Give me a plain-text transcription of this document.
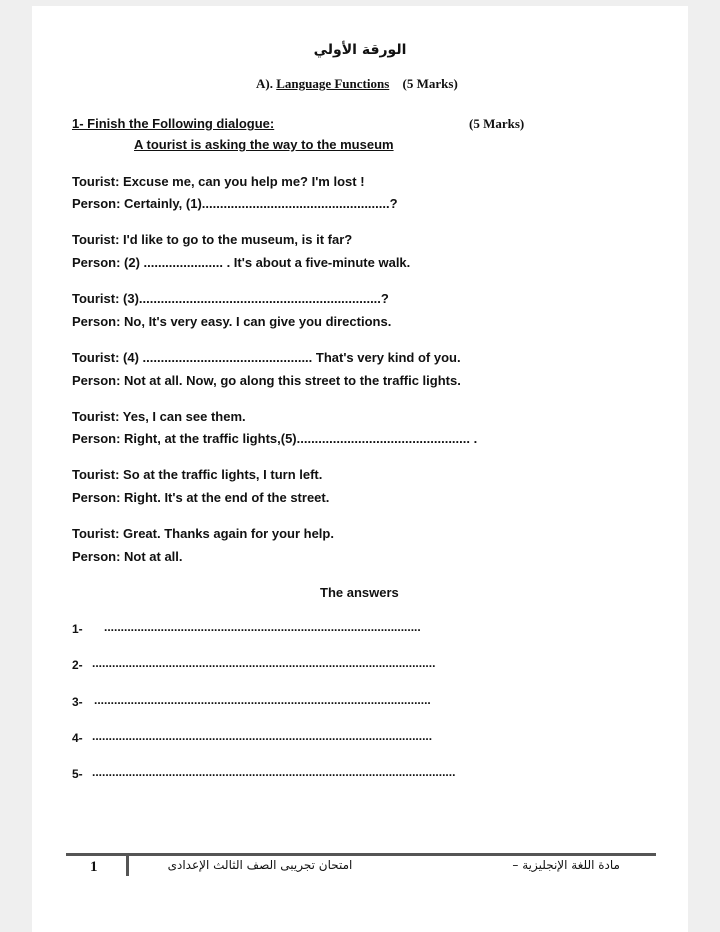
الورقة الأولي
A). Language Functions (5 Marks)
1- Finish the Following dialogue:	(5 Marks)
A tourist is asking the way to the museum
Tourist: Excuse me, can you help me? I'm lost !
Person: Certainly, (1)....................................................?
Tourist: I'd like to go to the museum, is it far?
Person: (2) ...................... . It's about a five-minute walk.
Tourist: (3)...................................................................?
Person: No, It's very easy. I can give you directions.
Tourist: (4) ............................................... That's very kind of you.
Person: Not at all. Now, go along this street to the traffic lights.
Tourist: Yes, I can see them.
Person: Right, at the traffic lights,(5)................................................ .
Tourist: So at the traffic lights, I turn left.
Person: Right. It's at the end of the street.
Tourist: Great. Thanks again for your help.
Person: Not at all.
The answers
1- ...............................................................................................
2- .......................................................................................................
3- .....................................................................................................
4- ......................................................................................................
5- .............................................................................................................
1	امتحان تجريبى الصف الثالث الإعدادى	مادة اللغة الإنجليزية –
